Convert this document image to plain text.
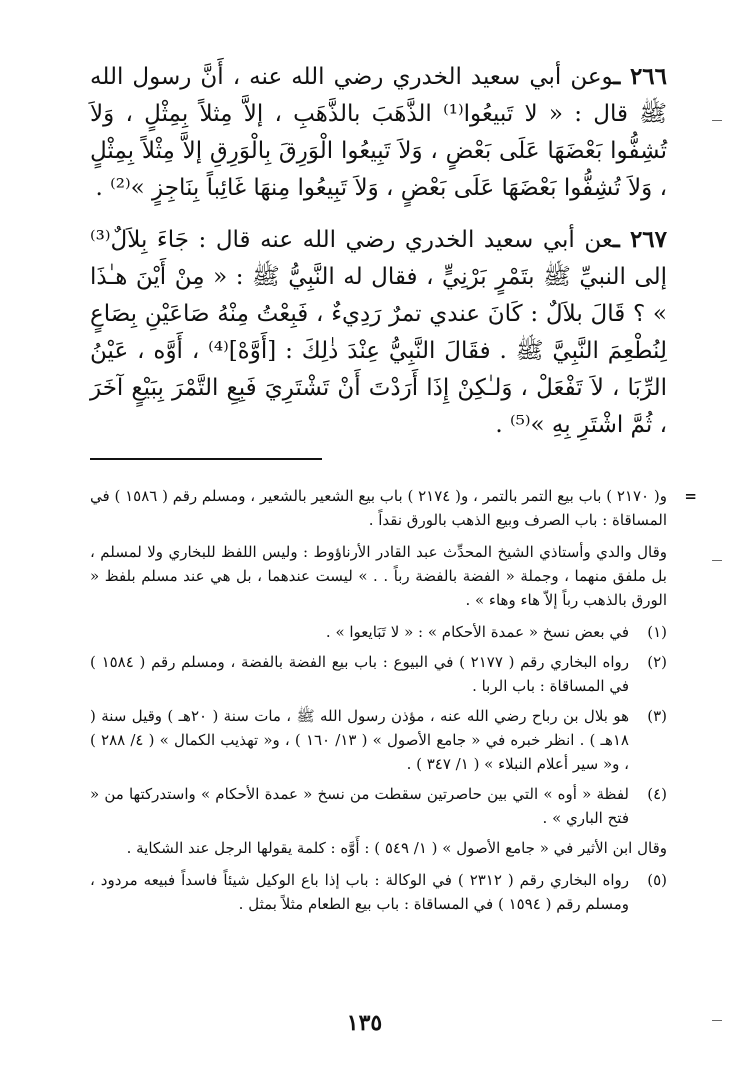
٢٦٦ ـوعن أبي سعيد الخدري رضي الله عنه ، أَنَّ رسول الله ﷺ قال : « لا تَبيعُوا⁽¹⁾ الذَّهَبَ بالذَّهَبِ ، إلاَّ مِثلاً بِمِثْلٍ ، وَلاَ تُشِفُّوا بَعْضَهَا عَلَى بَعْضٍ ، وَلاَ تَبِيعُوا الْوَرِقَ بِالْوَرِقِ إلاَّ مِثْلاً بِمِثْلٍ ، وَلاَ تُشِفُّوا بَعْضَهَا عَلَى بَعْضٍ ، وَلاَ تَبِيعُوا مِنهَا غَائِباً بِنَاجِزٍ »⁽²⁾ .

٢٦٧ ـعن أبي سعيد الخدري رضي الله عنه قال : جَاءَ بِلاَلٌ⁽³⁾ إلى النبيِّ ﷺ بتَمْرٍ بَرْنِيٍّ ، فقال له النَّبِيُّ ﷺ : « مِنْ أَيْنَ هـٰذَا » ؟ قَالَ بلاَلٌ : كَانَ عندي تمرٌ رَدِيءٌ ، فَبِعْتُ مِنْهُ صَاعَيْنِ بِصَاعٍ لِنُطْعِمَ النَّبِيَّ ﷺ . فقَالَ النَّبِيُّ عِنْدَ ذٰلِكَ : [أَوَّهْ]⁽⁴⁾ ، أَوَّه ، عَيْنُ الرِّبَا ، لاَ تَفْعَلْ ، وَلـٰكِنْ إِذَا أَرَدْتَ أَنْ تَشْتَرِيَ فَبِعِ التَّمْرَ بِبَيْعٍ آخَرَ ، ثُمَّ اشْتَرِ بِهِ »⁽⁵⁾ .

=

و( ٢١٧٠ ) باب بيع التمر بالتمر ، و( ٢١٧٤ ) باب بيع الشعير بالشعير ، ومسلم رقم ( ١٥٨٦ ) في المساقاة : باب الصرف وبيع الذهب بالورق نقداً .

وقال والدي وأستاذي الشيخ المحدِّث عبد القادر الأرناؤوط : وليس اللفظ للبخاري ولا لمسلم ، بل ملفق منهما ، وجملة « الفضة بالفضة رباً . . » ليست عندهما ، بل هي عند مسلم بلفظ « الورق بالذهب رباً إلاّ هاء وهاء » .

(١)
في بعض نسخ « عمدة الأحكام » : « لا تَبَايعوا » .
(٢)
رواه البخاري رقم ( ٢١٧٧ ) في البيوع : باب بيع الفضة بالفضة ، ومسلم رقم ( ١٥٨٤ ) في المساقاة : باب الربا .
(٣)
هو بلال بن رباح رضي الله عنه ، مؤذن رسول الله ﷺ ، مات سنة ( ٢٠هـ ) وقيل سنة ( ١٨هـ ) . انظر خبره في « جامع الأصول » ( ١٣/ ١٦٠ ) ، و« تهذيب الكمال » ( ٤/ ٢٨٨ ) ، و« سير أعلام النبلاء » ( ١/ ٣٤٧ ) .
(٤)
لفظة « أوه » التي بين حاصرتين سقطت من نسخ « عمدة الأحكام » واستدركتها من « فتح الباري » .

وقال ابن الأثير في « جامع الأصول » ( ١/ ٥٤٩ ) : أَوَّه : كلمة يقولها الرجل عند الشكاية .

(٥)
رواه البخاري رقم ( ٢٣١٢ ) في الوكالة : باب إذا باع الوكيل شيئاً فاسداً فبيعه مردود ، ومسلم رقم ( ١٥٩٤ ) في المساقاة : باب بيع الطعام مثلاً بمثل .
١٣٥
